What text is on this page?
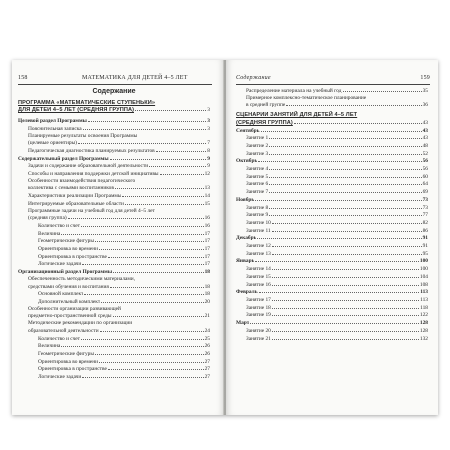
158	МАТЕМАТИКА ДЛЯ ДЕТЕЙ 4–5 ЛЕТ
Содержание
ПРОГРАММА «МАТЕМАТИЧЕСКИЕ СТУПЕНЬКИ»
ДЛЯ ДЕТЕЙ 4–5 ЛЕТ (СРЕДНЯЯ ГРУППА)	3
Целевой раздел Программы	3
Пояснительная записка	3
Планируемые результаты освоения Программы
(целевые ориентиры)	7
Педагогическая диагностика планируемых результатов	8
Содержательный раздел Программы	9
Задачи и содержание образовательной деятельности	9
Способы и направления поддержки детской инициативы	12
Особенности взаимодействия педагогического
коллектива с семьями воспитанников	13
Характеристики реализации Программы	14
Интегрируемые образовательные области	15
Программные задачи на учебный год для детей 4–5 лет
(средняя группа)	16
Количество и счет	16
Величина	17
Геометрические фигуры	17
Ориентировка во времени	17
Ориентировка в пространстве	17
Логические задачи	17
Организационный раздел Программы	18
Обеспеченность методическими материалами,
средствами обучения и воспитания	18
Основной комплект	18
Дополнительный комплект	20
Особенности организации развивающей
предметно-пространственной среды	21
Методические рекомендации по организации
образовательной деятельности	24
Количество и счет	25
Величина	26
Геометрические фигуры	26
Ориентировка во времени	27
Ориентировка в пространстве	27
Логические задачи	27
Содержание	159
Распределение материала на учебный год	35
Примерное комплексно-тематическое планирование
в средней группе	36
СЦЕНАРИИ ЗАНЯТИЙ ДЛЯ ДЕТЕЙ 4–5 ЛЕТ
(СРЕДНЯЯ ГРУППА)	43
Сентябрь	43
Занятие 1	43
Занятие 2	48
Занятие 3	52
Октябрь	56
Занятие 4	56
Занятие 5	60
Занятие 6	64
Занятие 7	69
Ноябрь	73
Занятие 8	73
Занятие 9	77
Занятие 10	82
Занятие 11	86
Декабрь	91
Занятие 12	91
Занятие 13	95
Январь	100
Занятие 14	100
Занятие 15	104
Занятие 16	108
Февраль	113
Занятие 17	113
Занятие 18	118
Занятие 19	122
Март	128
Занятие 20	128
Занятие 21	132
